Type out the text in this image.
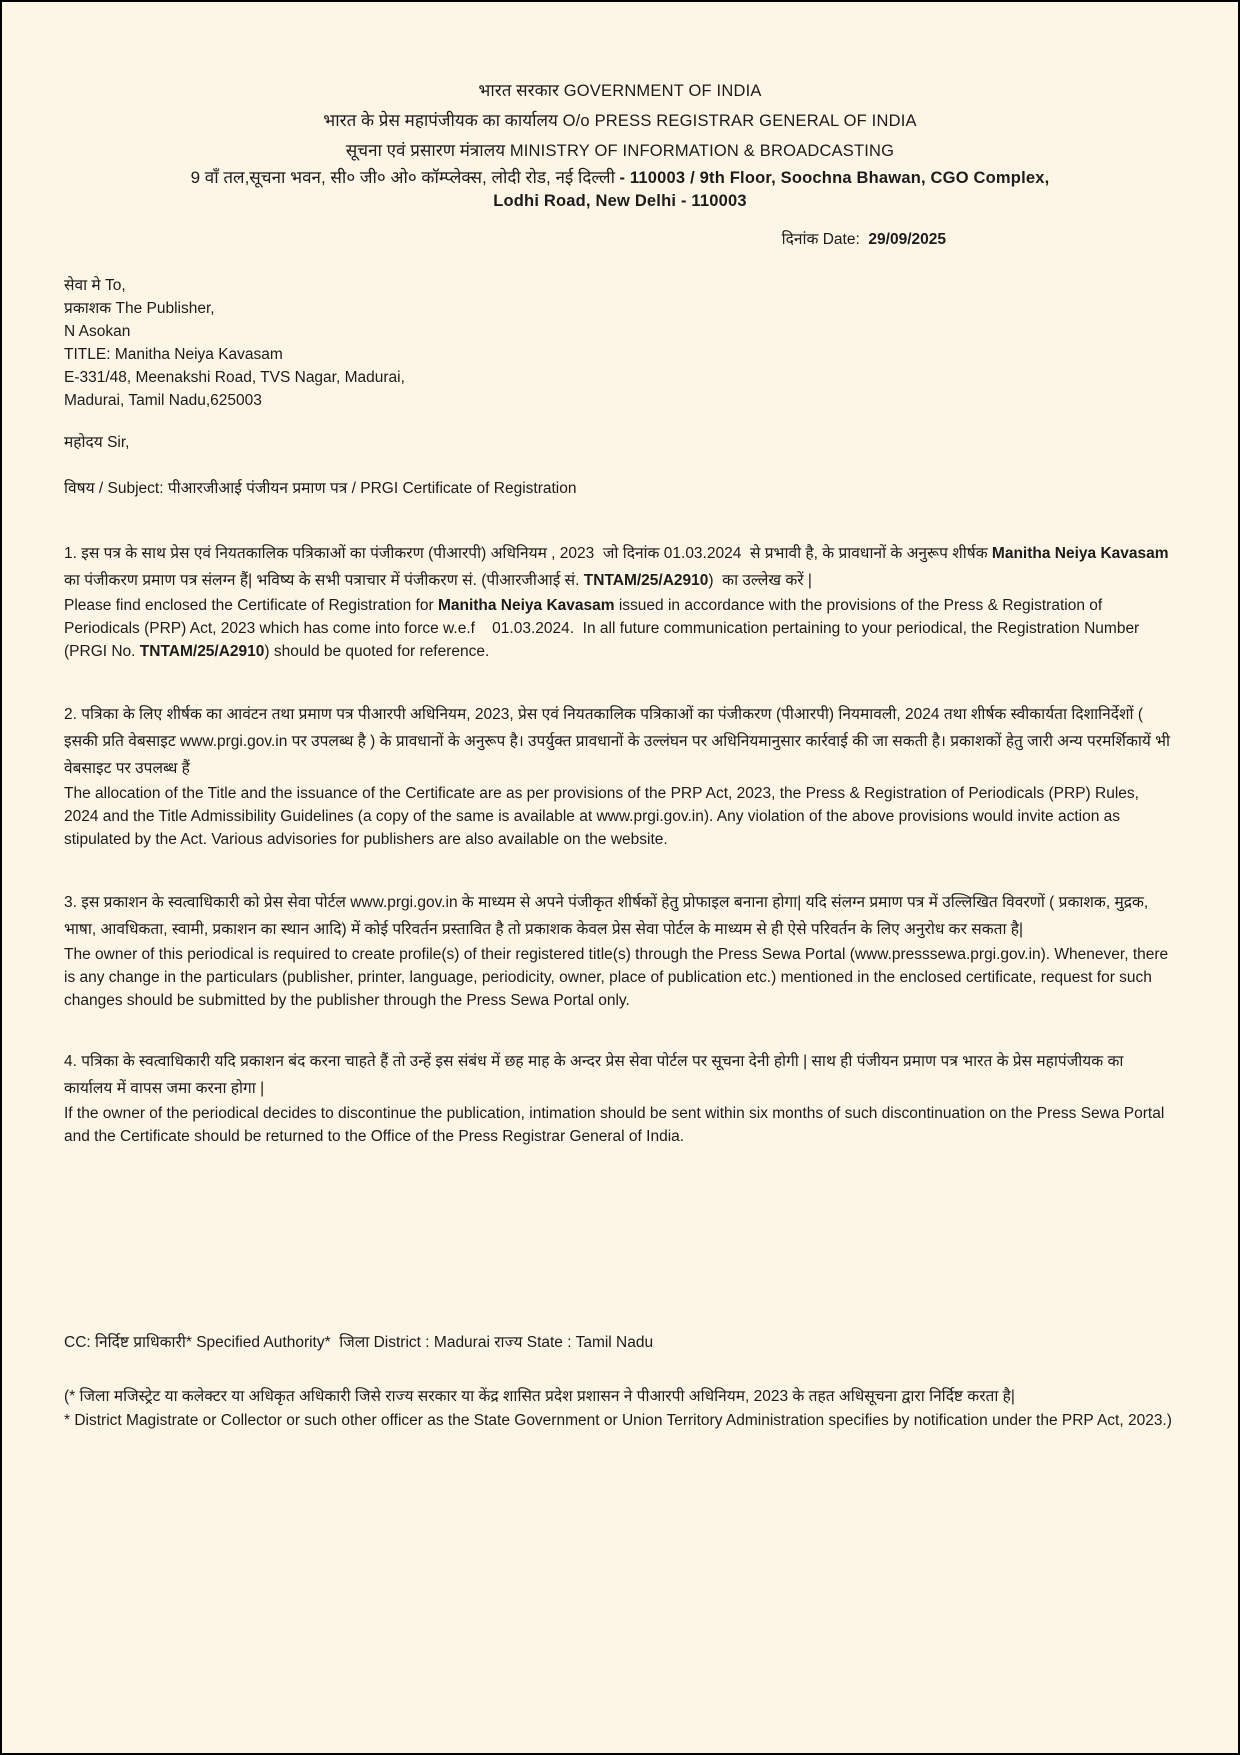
भारत सरकार GOVERNMENT OF INDIA
भारत के प्रेस महापंजीयक का कार्यालय O/o PRESS REGISTRAR GENERAL OF INDIA
सूचना एवं प्रसारण मंत्रालय MINISTRY OF INFORMATION & BROADCASTING
9 वाँ तल,सूचना भवन, सी० जी० ओ० कॉम्प्लेक्स, लोदी रोड, नई दिल्ली - 110003 / 9th Floor, Soochna Bhawan, CGO Complex, Lodhi Road, New Delhi - 110003
दिनांक Date: 29/09/2025
सेवा मे To,
प्रकाशक The Publisher,
N Asokan
TITLE: Manitha Neiya Kavasam
E-331/48, Meenakshi Road, TVS Nagar, Madurai,
Madurai, Tamil Nadu,625003
महोदय Sir,
विषय / Subject: पीआरजीआई पंजीयन प्रमाण पत्र / PRGI Certificate of Registration
1. इस पत्र के साथ प्रेस एवं नियतकालिक पत्रिकाओं का पंजीकरण (पीआरपी) अधिनियम , 2023  जो दिनांक 01.03.2024  से प्रभावी है, के प्रावधानों के अनुरूप शीर्षक Manitha Neiya Kavasam का पंजीकरण प्रमाण पत्र संलग्न हैं| भविष्य के सभी पत्राचार में पंजीकरण सं. (पीआरजीआई सं. TNTAM/25/A2910)  का उल्लेख करें |
Please find enclosed the Certificate of Registration for Manitha Neiya Kavasam issued in accordance with the provisions of the Press & Registration of Periodicals (PRP) Act, 2023 which has come into force w.e.f    01.03.2024.  In all future communication pertaining to your periodical, the Registration Number (PRGI No. TNTAM/25/A2910) should be quoted for reference.
2. पत्रिका के लिए शीर्षक का आवंटन तथा प्रमाण पत्र पीआरपी अधिनियम, 2023, प्रेस एवं नियतकालिक पत्रिकाओं का पंजीकरण (पीआरपी) नियमावली, 2024 तथा शीर्षक स्वीकार्यता दिशानिर्देशों ( इसकी प्रति वेबसाइट www.prgi.gov.in पर उपलब्ध है ) के प्रावधानों के अनुरूप है। उपर्युक्त प्रावधानों के उल्लंघन पर अधिनियमानुसार कार्रवाई की जा सकती है। प्रकाशकों हेतु जारी अन्य परमर्शिकायें भी वेबसाइट पर उपलब्ध हैं
The allocation of the Title and the issuance of the Certificate are as per provisions of the PRP Act, 2023, the Press & Registration of Periodicals (PRP) Rules, 2024 and the Title Admissibility Guidelines (a copy of the same is available at www.prgi.gov.in). Any violation of the above provisions would invite action as stipulated by the Act. Various advisories for publishers are also available on the website.
3. इस प्रकाशन के स्वत्वाधिकारी को प्रेस सेवा पोर्टल www.prgi.gov.in के माध्यम से अपने पंजीकृत शीर्षकों हेतु प्रोफाइल बनाना होगा| यदि संलग्न प्रमाण पत्र में उल्लिखित विवरणों ( प्रकाशक, मुद्रक, भाषा, आवधिकता, स्वामी, प्रकाशन का स्थान आदि) में कोई परिवर्तन प्रस्तावित है तो प्रकाशक केवल प्रेस सेवा पोर्टल के माध्यम से ही ऐसे परिवर्तन के लिए अनुरोध कर सकता है|
The owner of this periodical is required to create profile(s) of their registered title(s) through the Press Sewa Portal (www.presssewa.prgi.gov.in). Whenever, there is any change in the particulars (publisher, printer, language, periodicity, owner, place of publication etc.) mentioned in the enclosed certificate, request for such changes should be submitted by the publisher through the Press Sewa Portal only.
4. पत्रिका के स्वत्वाधिकारी यदि प्रकाशन बंद करना चाहते हैं तो उन्हें इस संबंध में छह माह के अन्दर प्रेस सेवा पोर्टल पर सूचना देनी होगी | साथ ही पंजीयन प्रमाण पत्र भारत के प्रेस महापंजीयक का कार्यालय में वापस जमा करना होगा |
If the owner of the periodical decides to discontinue the publication, intimation should be sent within six months of such discontinuation on the Press Sewa Portal and the Certificate should be returned to the Office of the Press Registrar General of India.
CC: निर्दिष्ट प्राधिकारी* Specified Authority* जिला District : Madurai राज्य State : Tamil Nadu
(* जिला मजिस्ट्रेट या कलेक्टर या अधिकृत अधिकारी जिसे राज्य सरकार या केंद्र शासित प्रदेश प्रशासन ने पीआरपी अधिनियम, 2023 के तहत अधिसूचना द्वारा निर्दिष्ट करता है|
* District Magistrate or Collector or such other officer as the State Government or Union Territory Administration specifies by notification under the PRP Act, 2023.)
